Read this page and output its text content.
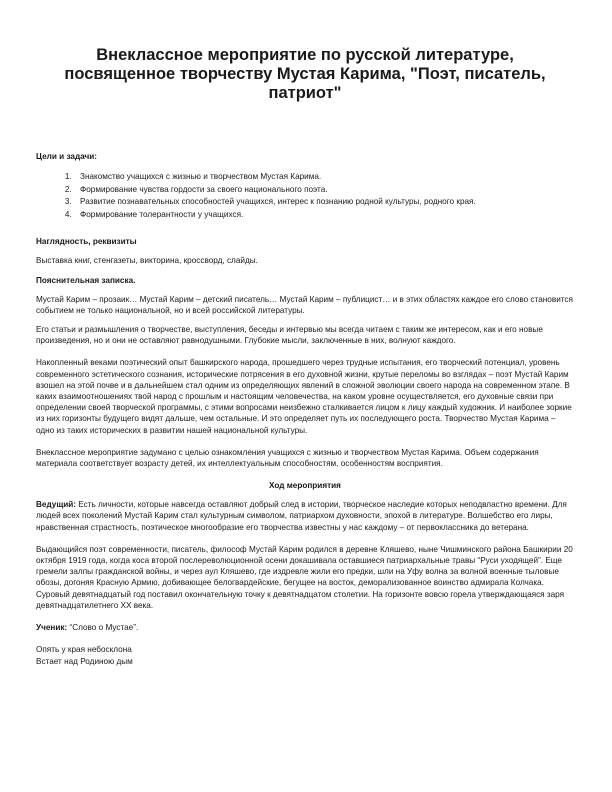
Внеклассное мероприятие по русской литературе, посвященное творчеству Мустая Карима, "Поэт, писатель, патриот"
Цели и задачи:
1. Знакомство учащихся с жизнью и творчеством Мустая Карима.
2. Формирование чувства гордости за своего национального поэта.
3. Развитие познавательных способностей учащихся, интерес к познанию родной культуры, родного края.
4. Формирование толерантности у учащихся.
Наглядность, реквизиты

Выставка книг, стенгазеты, викторина, кроссворд, слайды.

Пояснительная записка.

Мустай Карим – прозаик… Мустай Карим – детский писатель… Мустай Карим – публицист… и в этих областях каждое его слово становится событием не только национальной, но и всей российской литературы.

Его статьи и размышления о творчестве, выступления, беседы и интервью мы всегда читаем с таким же интересом, как и его новые произведения, но и они не оставляют равнодушными. Глубокие мысли, заключенные в них, волнуют каждого.

Накопленный веками поэтический опыт башкирского народа, прошедшего через трудные испытания, его творческий потенциал, уровень современного эстетического сознания, исторические потрясения в его духовной жизни, крутые переломы во взглядах – поэт Мустай Карим взошел на этой почве и в дальнейшем стал одним из определяющих явлений в сложной эволюции своего народа на современном этапе. В каких взаимоотношениях твой народ с прошлым и настоящим человечества, на каком уровне осуществляется, его духовные связи при определении своей творческой программы, с этими вопросами неизбежно сталкивается лицом к лицу каждый художник. И наиболее зоркие из них горизонты будущего видят дальше, чем остальные. И это определяет путь их последующего роста. Творчество Мустая Карима – одно из таких исторических в развитии нашей национальной культуры.

Внеклассное мероприятие задумано с целью ознакомления учащихся с жизнью и творчеством Мустая Карима. Объем содержания материала соответствует возрасту детей, их интеллектуальным способностям, особенностям восприятия.

Ход мероприятия

Ведущий: Есть личности, которые навсегда оставляют добрый след в истории, творческое наследие которых неподвластно времени. Для людей всех поколений Мустай Карим стал культурным символом, патриархом духовности, эпохой в литературе. Волшебство его лиры, нравственная страстность, поэтическое многообразие его творчества известны у нас каждому – от первоклассника до ветерана.

Выдающийся поэт современности, писатель, философ Мустай Карим родился в деревне Кляшево, ныне Чишминского района Башкирии 20 октября 1919 года, когда коса второй послереволюционной осени докашивала оставшиеся патриархальные травы “Руси уходящей”. Еще гремели залпы гражданской войны, и через аул Кляшево, где издревле жили его предки, шли на Уфу волна за волной военные тыловые обозы, догоняя Красную Армию, добивающее белогвардейские, бегущее на восток, деморализованное воинство адмирала Колчака. Суровый девятнадцатый год поставил окончательную точку к девятнадцатом столетии. На горизонте вовсю горела утверждающаяся заря девятнадцатилетнего ХХ века.

Ученик: “Слово о Мустае”.

Опять у края небосклона

Встает над Родиною дым
